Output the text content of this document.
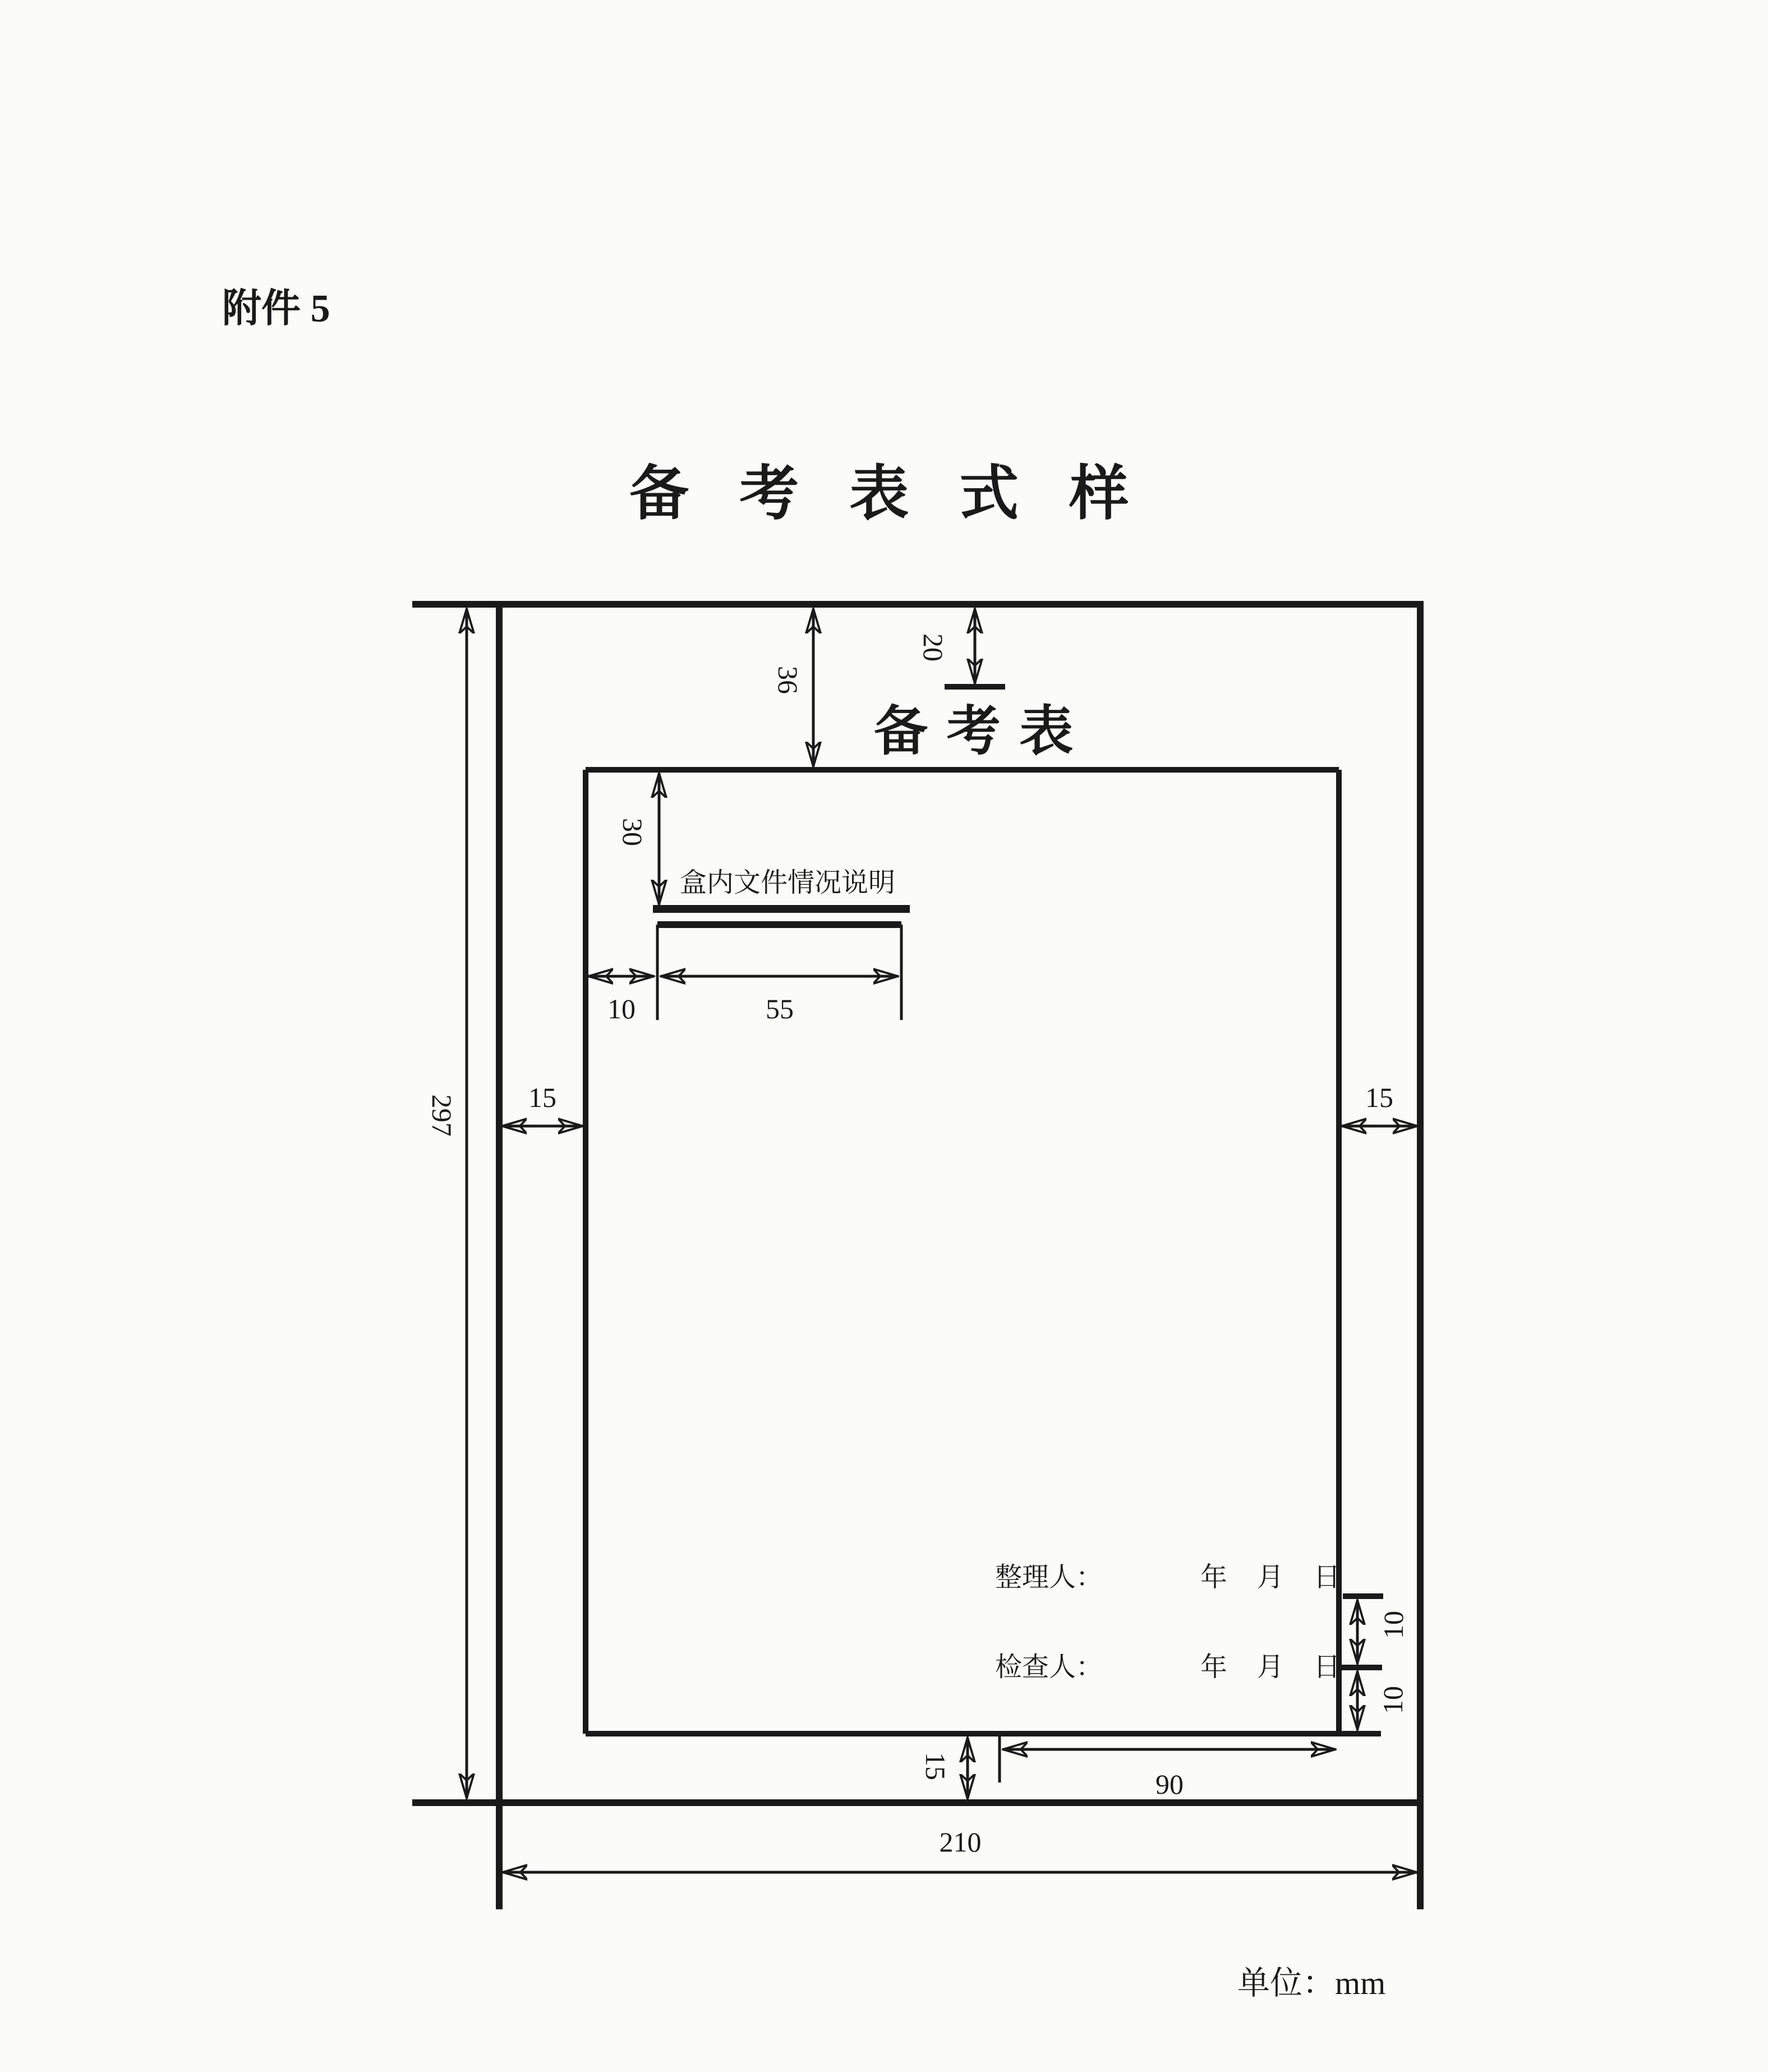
附件 5
备 考 表 式 样
备 考 表
盒内文件情况说明
整理人：	年　月　日
检查人：	年　月　日
单位：mm
297
36
20
30
15
10
10
15	15
10	55
90
210
